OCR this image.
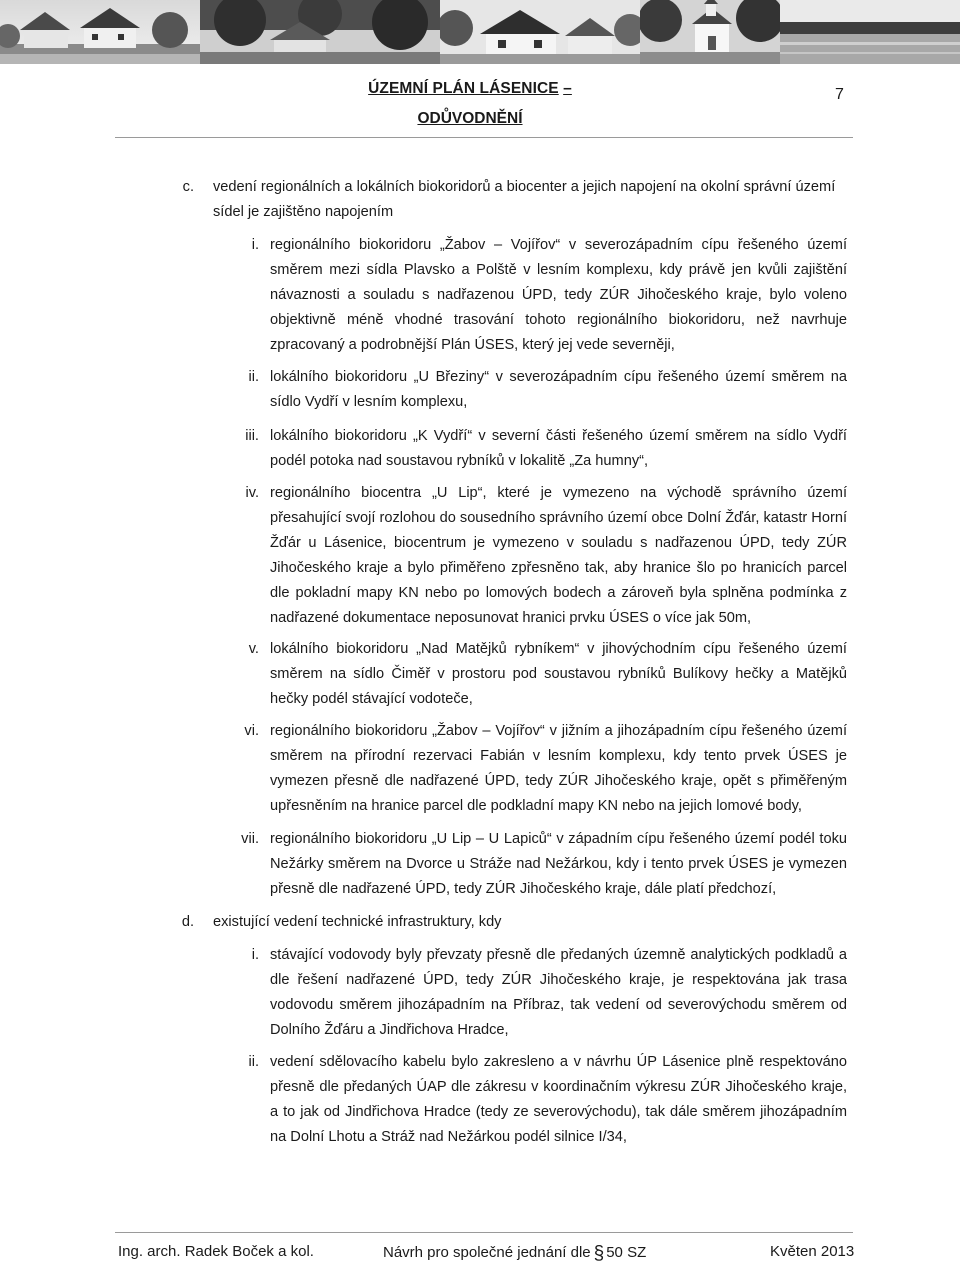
ÚZEMNÍ PLÁN LÁSENICE –
ODŮVODNĚNÍ
7
c. vedení regionálních a lokálních biokoridorů a biocenter a jejich napojení na okolní správní území
sídel je zajištěno napojením
i. regionálního biokoridoru „Žabov – Vojířov“ v severozápadním cípu řešeného území směrem mezi sídla Plavsko a Polště v lesním komplexu, kdy právě jen kvůli zajištění návaznosti a souladu s nadřazenou ÚPD, tedy ZÚR Jihočeského kraje, bylo voleno objektivně méně vhodné trasování tohoto regionálního biokoridoru, než navrhuje zpracovaný a podrobnější Plán ÚSES, který jej vede severněji,
ii. lokálního biokoridoru „U Březiny“ v severozápadním cípu řešeného území směrem na sídlo Vydří v lesním komplexu,
iii. lokálního biokoridoru „K Vydří“ v severní části řešeného území směrem na sídlo Vydří podél potoka nad soustavou rybníků v lokalitě „Za humny“,
iv. regionálního biocentra „U Lip“, které je vymezeno na východě správního území přesahující svojí rozlohou do sousedního správního území obce Dolní Žďár, katastr Horní Žďár u Lásenice, biocentrum je vymezeno v souladu s nadřazenou ÚPD, tedy ZÚR Jihočeského kraje a bylo přiměřeno zpřesněno tak, aby hranice šlo po hranicích parcel dle pokladní mapy KN nebo po lomových bodech a zároveň byla splněna podmínka z nadřazené dokumentace neposunovat hranici prvku ÚSES o více jak 50m,
v. lokálního biokoridoru „Nad Matějků rybníkem“ v jihovýchodním cípu řešeného území směrem na sídlo Čiměř v prostoru pod soustavou rybníků Bulíkovy hečky a Matějků hečky podél stávající vodoteče,
vi. regionálního biokoridoru „Žabov – Vojířov“ v jižním a jihozápadním cípu řešeného území směrem na přírodní rezervaci Fabián v lesním komplexu, kdy tento prvek ÚSES je vymezen přesně dle nadřazené ÚPD, tedy ZÚR Jihočeského kraje, opět s přiměřeným upřesněním na hranice parcel dle podkladní mapy KN nebo na jejich lomové body,
vii. regionálního biokoridoru „U Lip – U Lapiců“ v západním cípu řešeného území podél toku Nežárky směrem na Dvorce u Stráže nad Nežárkou, kdy i tento prvek ÚSES je vymezen přesně dle nadřazené ÚPD, tedy ZÚR Jihočeského kraje, dále platí předchozí,
d. existující vedení technické infrastruktury, kdy
i. stávající vodovody byly převzaty přesně dle předaných územně analytických podkladů a dle řešení nadřazené ÚPD, tedy ZÚR Jihočeského kraje, je respektována jak trasa vodovodu směrem jihozápadním na Příbraz, tak vedení od severovýchodu směrem od Dolního Žďáru a Jindřichova Hradce,
ii. vedení sdělovacího kabelu bylo zakresleno a v návrhu ÚP Lásenice plně respektováno přesně dle předaných ÚAP dle zákresu v koordinačním výkresu ZÚR Jihočeského kraje, a to jak od Jindřichova Hradce (tedy ze severovýchodu), tak dále směrem jihozápadním na Dolní Lhotu a Stráž nad Nežárkou podél silnice I/34,
Ing. arch. Radek Boček a kol.	Návrh pro společné jednání dle § 50 SZ	Květen 2013
